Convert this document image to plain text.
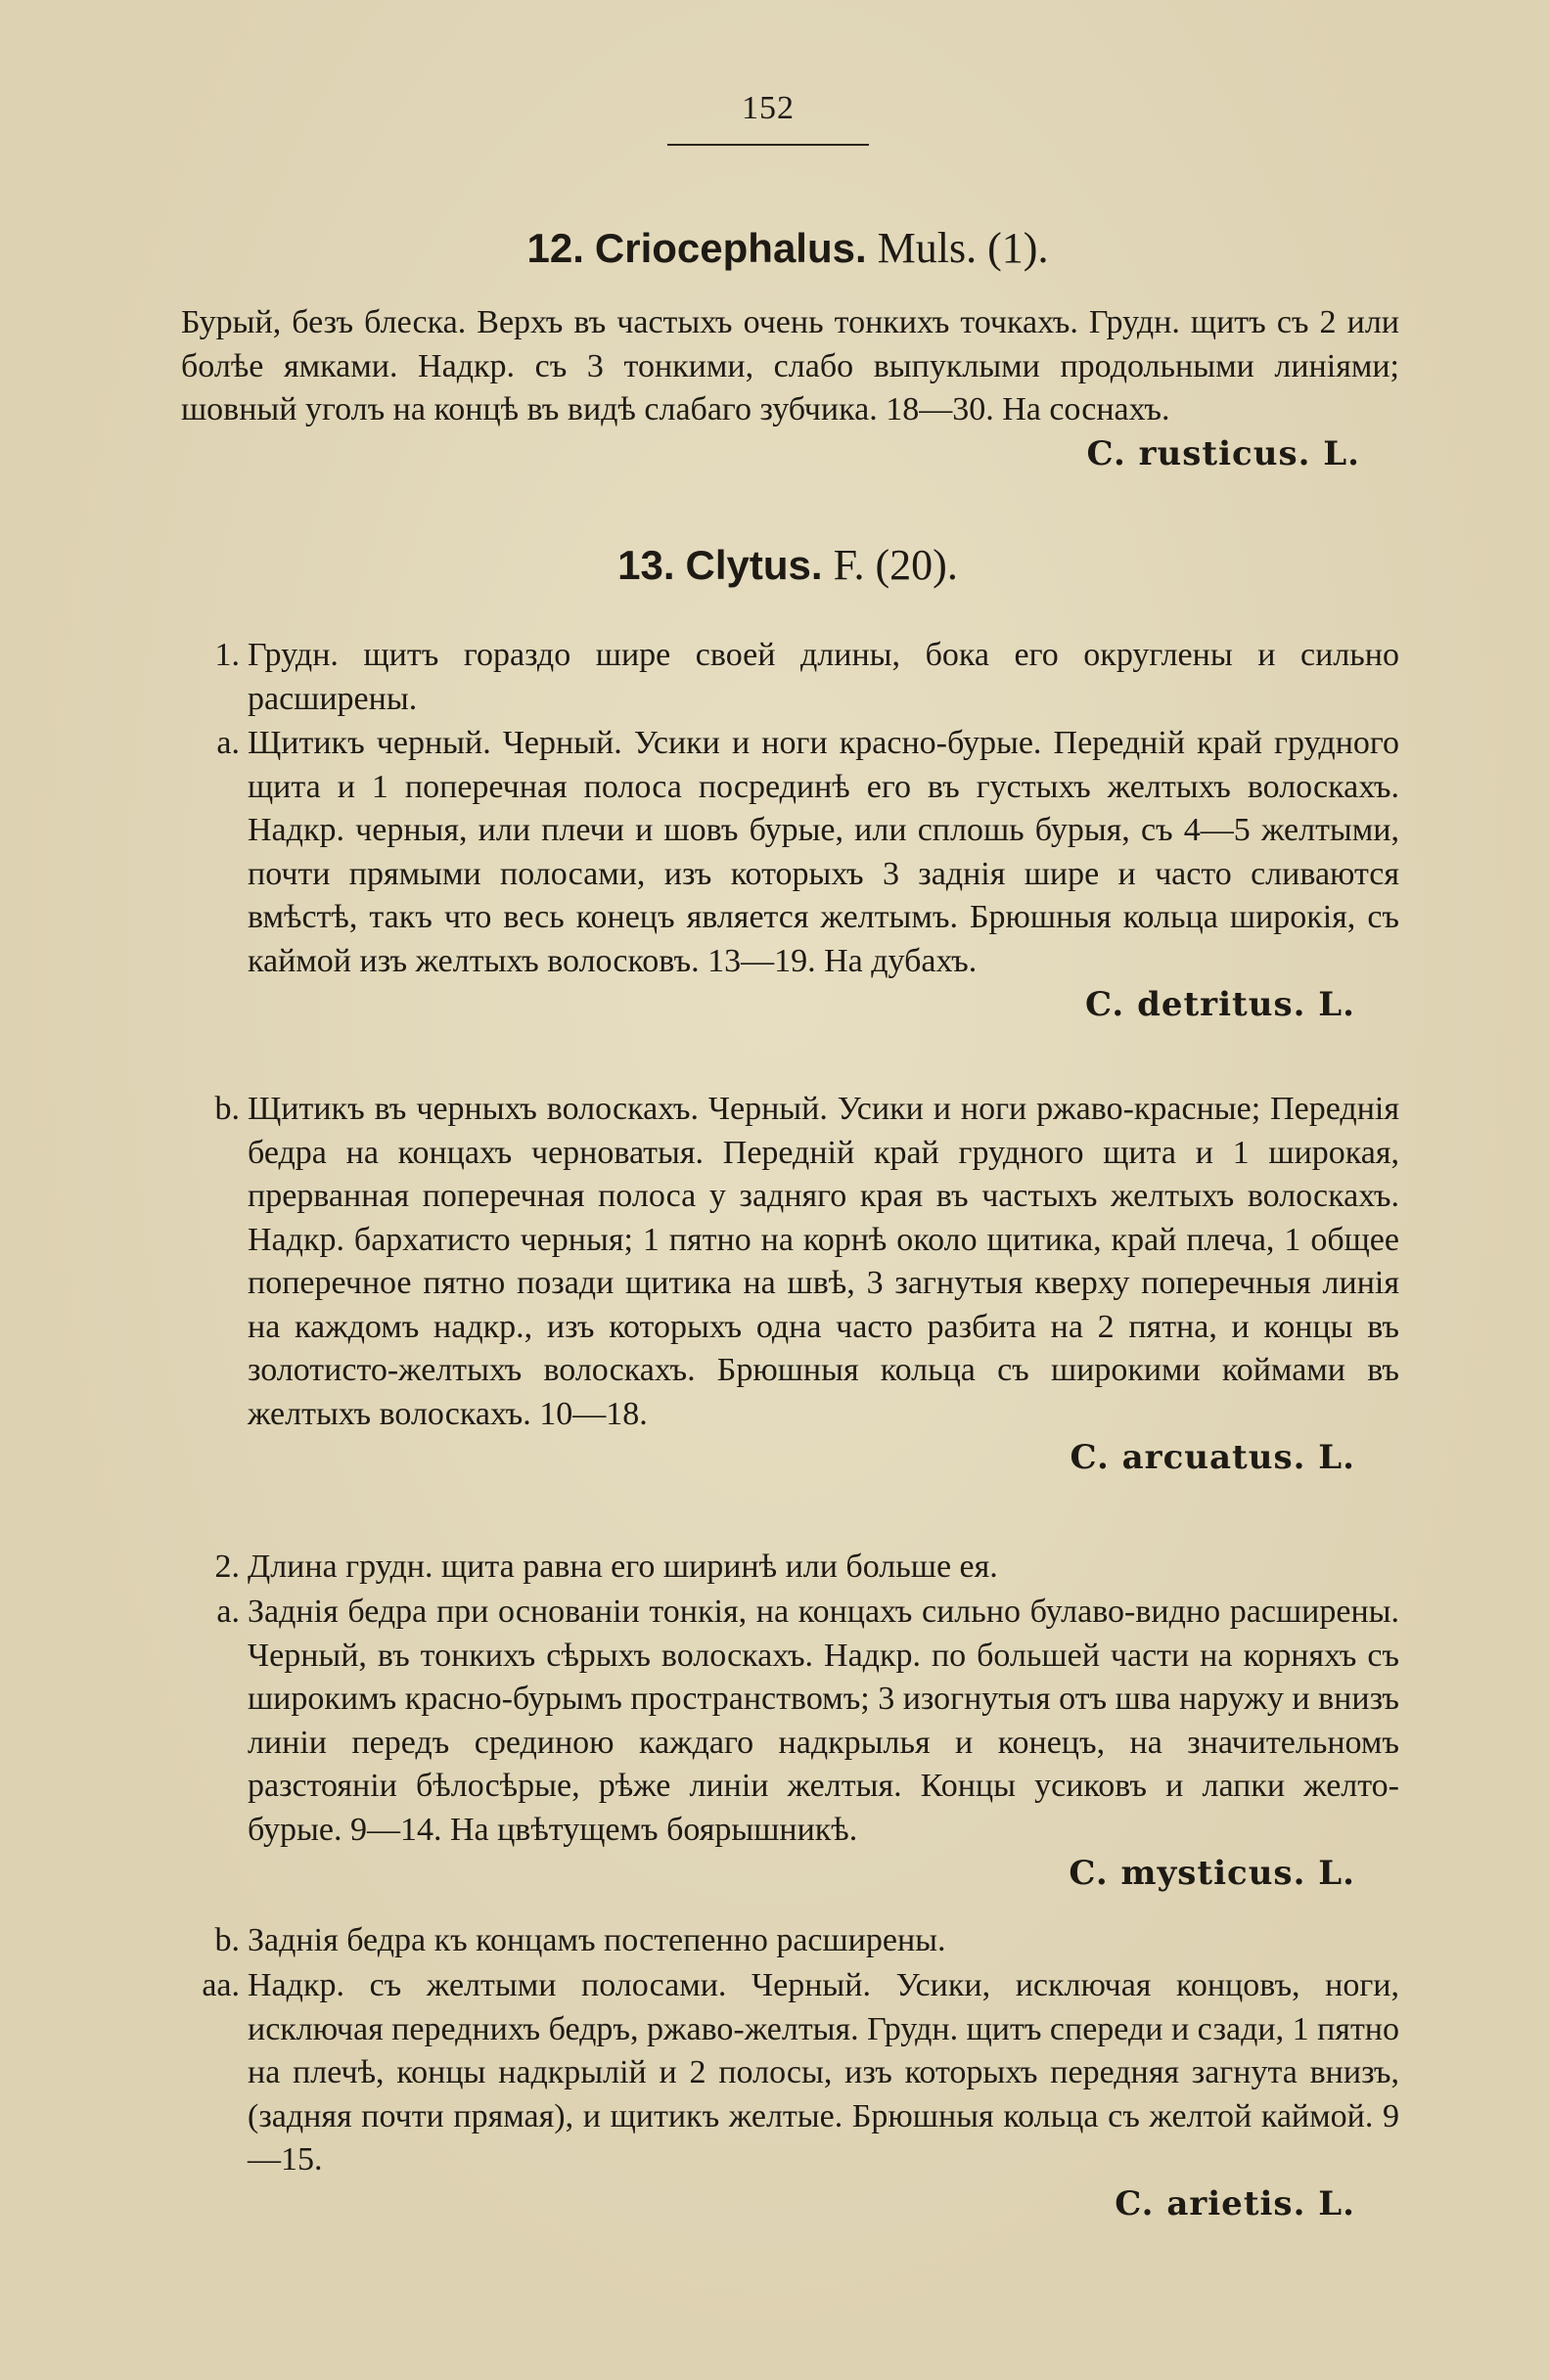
152
12. Criocephalus. Muls. (1).
Бурый, безъ блеска. Верхъ въ частыхъ очень тонкихъ точкахъ. Грудн. щитъ съ 2 или болѣе ямками. Надкр. съ 3 тонкими, слабо выпуклыми продольными линіями; шовный уголъ на концѣ въ видѣ слабаго зубчика. 18—30. На соснахъ.
C. rusticus. L.
13. Clytus. F. (20).
1. Грудн. щитъ гораздо шире своей длины, бока его округлены и сильно расширены.
a. Щитикъ черный. Черный. Усики и ноги красно-бурые. Передній край грудного щита и 1 поперечная полоса посрединѣ его въ густыхъ желтыхъ волоскахъ. Надкр. черныя, или плечи и шовъ бурые, или сплошь бурыя, съ 4—5 желтыми, почти прямыми полосами, изъ которыхъ 3 заднія шире и часто сливаются вмѣстѣ, такъ что весь конецъ является желтымъ. Брюшныя кольца широкія, съ каймой изъ желтыхъ волосковъ. 13—19. На дубахъ.
C. detritus. L.
b. Щитикъ въ черныхъ волоскахъ. Черный. Усики и ноги ржаво-красные; Переднія бедра на концахъ черноватыя. Передній край грудного щита и 1 широкая, прерванная поперечная полоса у задняго края въ частыхъ желтыхъ волоскахъ. Надкр. бархатисто черныя; 1 пятно на корнѣ около щитика, край плеча, 1 общее поперечное пятно позади щитика на швѣ, 3 загнутыя кверху поперечныя линія на каждомъ надкр., изъ которыхъ одна часто разбита на 2 пятна, и концы въ золотисто-желтыхъ волоскахъ. Брюшныя кольца съ широкими коймами въ желтыхъ волоскахъ. 10—18.
C. arcuatus. L.
2. Длина грудн. щита равна его ширинѣ или больше ея.
a. Заднія бедра при основаніи тонкія, на концахъ сильно булаво-видно расширены. Черный, въ тонкихъ сѣрыхъ волоскахъ. Надкр. по большей части на корняхъ съ широкимъ красно-бурымъ пространствомъ; 3 изогнутыя отъ шва наружу и внизъ линіи передъ срединою каждаго надкрылья и конецъ, на значительномъ разстояніи бѣлосѣрые, рѣже линіи желтыя. Концы усиковъ и лапки желто-бурые. 9—14. На цвѣтущемъ боярышникѣ.
C. mysticus. L.
b. Заднія бедра къ концамъ постепенно расширены.
aa. Надкр. съ желтыми полосами. Черный. Усики, исключая концовъ, ноги, исключая переднихъ бедръ, ржаво-желтыя. Грудн. щитъ спереди и сзади, 1 пятно на плечѣ, концы надкрылій и 2 полосы, изъ которыхъ передняя загнута внизъ, (задняя почти прямая), и щитикъ желтые. Брюшныя кольца съ желтой каймой. 9—15.
C. arietis. L.
